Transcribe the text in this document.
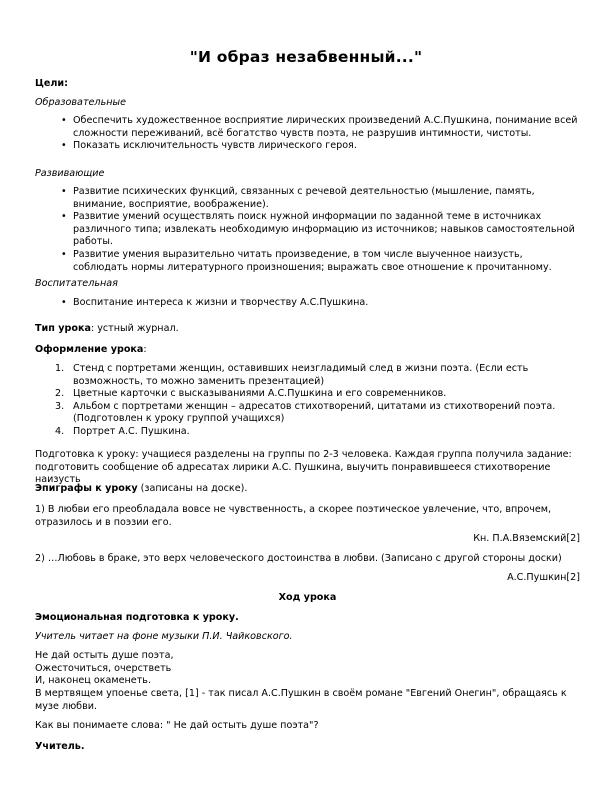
"И образ незабвенный..."
Цели:
Образовательные
• Обеспечить художественное восприятие лирических произведений А.С.Пушкина, понимание всей сложности переживаний, всё богатство чувств поэта, не разрушив интимности, чистоты.
• Показать исключительность чувств лирического героя.
Развивающие
• Развитие психических функций, связанных с речевой деятельностью (мышление, память, внимание, восприятие, воображение).
• Развитие умений осуществлять поиск нужной информации по заданной теме в источниках различного типа; извлекать необходимую информацию из источников; навыков самостоятельной работы.
• Развитие умения выразительно читать произведение, в том числе выученное наизусть, соблюдать нормы литературного произношения; выражать свое отношение к прочитанному.
Воспитательная
• Воспитание интереса к жизни и творчеству А.С.Пушкина.
Тип урока: устный журнал.
Оформление урока:
1. Стенд с портретами женщин, оставивших неизгладимый след в жизни поэта. (Если есть возможность, то можно заменить презентацией)
2. Цветные карточки с высказываниями А.С.Пушкина и его современников.
3. Альбом с портретами женщин – адресатов стихотворений, цитатами из стихотворений поэта. (Подготовлен к уроку группой учащихся)
4. Портрет А.С. Пушкина.
Подготовка к уроку: учащиеся разделены на группы по 2-3 человека. Каждая группа получила задание: подготовить сообщение об адресатах лирики А.С. Пушкина, выучить понравившееся стихотворение наизусть
Эпиграфы к уроку (записаны на доске).
1) В любви его преобладала вовсе не чувственность, а скорее поэтическое увлечение, что, впрочем, отразилось и в поэзии его.
Кн. П.А.Вяземский[2]
2) …Любовь в браке, это верх человеческого достоинства в любви. (Записано с другой стороны доски)
А.С.Пушкин[2]
Ход урока
Эмоциональная подготовка к уроку.
Учитель читает на фоне музыки П.И. Чайковского.
Не дай остыть душе поэта,
Ожесточиться, очерстветь
И, наконец окаменеть.
В мертвящем упоенье света, [1] - так писал А.С.Пушкин в своём романе "Евгений Онегин", обращаясь к музе любви.
Как вы понимаете слова: " Не дай остыть душе поэта"?
Учитель.
